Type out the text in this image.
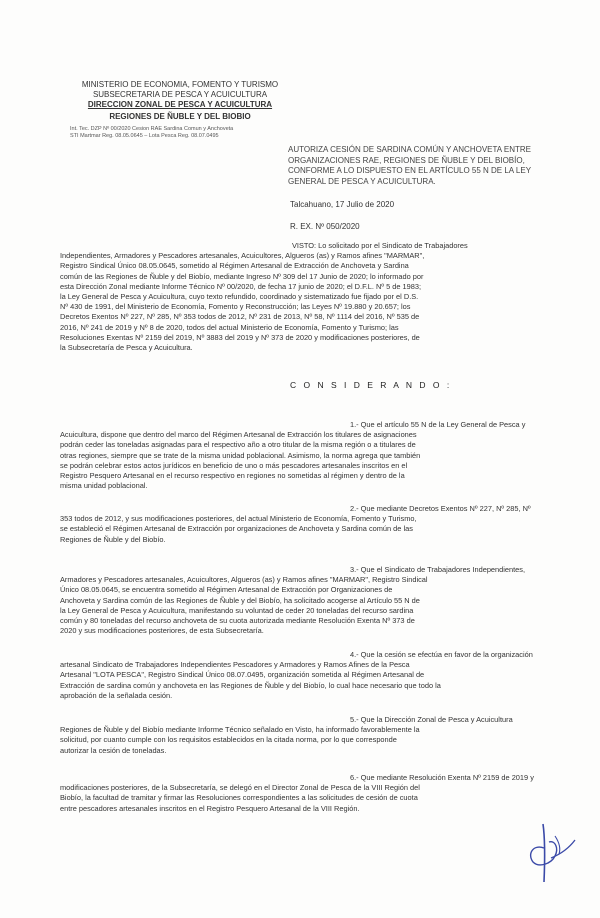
MINISTERIO DE ECONOMIA, FOMENTO Y TURISMO
SUBSECRETARIA DE PESCA Y ACUICULTURA
DIRECCION ZONAL DE PESCA Y ACUICULTURA
REGIONES DE ÑUBLE Y DEL BIOBIO
Int. Tec. DZP Nº 00/2020 Cesion RAE Sardina Comun y Anchoveta
STI Martmar Reg. 08.05.0645 – Lota Pesca Reg. 08.07.0495
AUTORIZA CESIÓN DE SARDINA COMÚN Y ANCHOVETA ENTRE
ORGANIZACIONES RAE, REGIONES DE ÑUBLE Y DEL BIOBÍO,
CONFORME A LO DISPUESTO EN EL ARTÍCULO 55 N DE LA LEY
GENERAL DE PESCA Y ACUICULTURA.
Talcahuano, 17 Julio de 2020
R. EX. Nº 050/2020
VISTO: Lo solicitado por el Sindicato de Trabajadores
Independientes, Armadores y Pescadores artesanales, Acuicultores, Algueros (as) y Ramos afines "MARMAR",
Registro Sindical Único 08.05.0645, sometido al Régimen Artesanal de Extracción de Anchoveta y Sardina
común de las Regiones de Ñuble y del Biobío, mediante Ingreso Nº 309 del 17 Junio de 2020; lo informado por
esta Dirección Zonal mediante Informe Técnico Nº 00/2020, de fecha 17 junio de 2020; el D.F.L. Nº 5 de 1983;
la Ley General de Pesca y Acuicultura, cuyo texto refundido, coordinado y sistematizado fue fijado por el D.S.
Nº 430 de 1991, del Ministerio de Economía, Fomento y Reconstrucción; las Leyes Nº 19.880 y 20.657; los
Decretos Exentos Nº 227, Nº 285, Nº 353 todos de 2012, Nº 231 de 2013, Nº 58, Nº 1114 del 2016, Nº 535 de
2016, Nº 241 de 2019 y Nº 8 de 2020, todos del actual Ministerio de Economía, Fomento y Turismo; las
Resoluciones Exentas Nº 2159 del 2019, Nº 3883 del 2019 y Nº 373 de 2020 y modificaciones posteriores, de
la Subsecretaría de Pesca y Acuicultura.
C O N S I D E R A N D O :
1.- Que el artículo 55 N de la Ley General de Pesca y
Acuicultura, dispone que dentro del marco del Régimen Artesanal de Extracción los titulares de asignaciones
podrán ceder las toneladas asignadas para el respectivo año a otro titular de la misma región o a titulares de
otras regiones, siempre que se trate de la misma unidad poblacional. Asimismo, la norma agrega que también
se podrán celebrar estos actos jurídicos en beneficio de uno o más pescadores artesanales inscritos en el
Registro Pesquero Artesanal en el recurso respectivo en regiones no sometidas al régimen y dentro de la
misma unidad poblacional.
2.- Que mediante Decretos Exentos Nº 227, Nº 285, Nº
353 todos de 2012, y sus modificaciones posteriores, del actual Ministerio de Economía, Fomento y Turismo,
se estableció el Régimen Artesanal de Extracción por organizaciones de Anchoveta y Sardina común de las
Regiones de Ñuble y del Biobío.
3.- Que el Sindicato de Trabajadores Independientes,
Armadores y Pescadores artesanales, Acuicultores, Algueros (as) y Ramos afines "MARMAR", Registro Sindical
Único 08.05.0645, se encuentra sometido al Régimen Artesanal de Extracción por Organizaciones de
Anchoveta y Sardina común de las Regiones de Ñuble y del Biobío, ha solicitado acogerse al Artículo 55 N de
la Ley General de Pesca y Acuicultura, manifestando su voluntad de ceder 20 toneladas del recurso sardina
común y 80 toneladas del recurso anchoveta de su cuota autorizada mediante Resolución Exenta Nº 373 de
2020 y sus modificaciones posteriores, de esta Subsecretaría.
4.- Que la cesión se efectúa en favor de la organización
artesanal Sindicato de Trabajadores Independientes Pescadores y Armadores y Ramos Afines de la Pesca
Artesanal "LOTA PESCA", Registro Sindical Único 08.07.0495, organización sometida al Régimen Artesanal de
Extracción de sardina común y anchoveta en las Regiones de Ñuble y del Biobío, lo cual hace necesario que todo la
aprobación de la señalada cesión.
5.- Que la Dirección Zonal de Pesca y Acuicultura
Regiones de Ñuble y del Biobío mediante Informe Técnico señalado en Visto, ha informado favorablemente la
solicitud, por cuanto cumple con los requisitos establecidos en la citada norma, por lo que corresponde
autorizar la cesión de toneladas.
6.- Que mediante Resolución Exenta Nº 2159 de 2019 y
modificaciones posteriores, de la Subsecretaría, se delegó en el Director Zonal de Pesca de la VIII Región del
Biobío, la facultad de tramitar y firmar las Resoluciones correspondientes a las solicitudes de cesión de cuota
entre pescadores artesanales inscritos en el Registro Pesquero Artesanal de la VIII Región.
